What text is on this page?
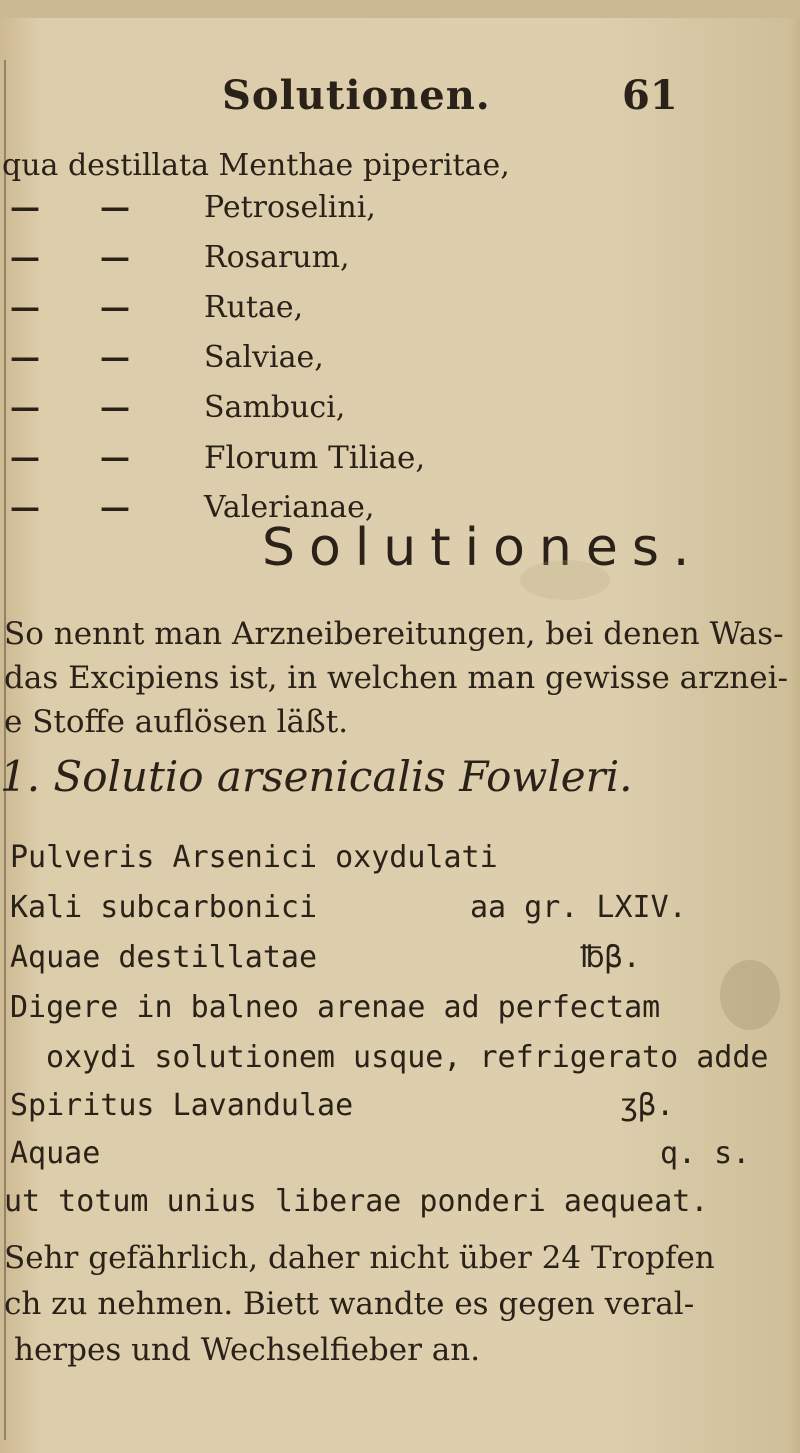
Solutionen.	61
qua destillata Menthae piperitae,
— — Petroselini,
— — Rosarum,
— — Rutae,
— — Salviae,
— — Sambuci,
— — Florum Tiliae,
— — Valerianae,
Solutiones.
So nennt man Arzneibereitungen, bei denen Was-
das Excipiens ist, in welchen man gewisse arznei-
e Stoffe auflösen läßt.
1. Solutio arsenicalis Fowleri.
Pulveris Arsenici oxydulati
Kali subcarbonici	aa gr. LXIV.
Aquae destillatae	℔β.
Digere in balneo arenae ad perfectam
oxydi solutionem usque, refrigerato adde
Spiritus Lavandulae	ʒβ.
Aquae	q. s.
ut totum unius liberae ponderi aequeat.
Sehr gefährlich, daher nicht über 24 Tropfen
ch zu nehmen. Biett wandte es gegen veral-
herpes und Wechselfieber an.
